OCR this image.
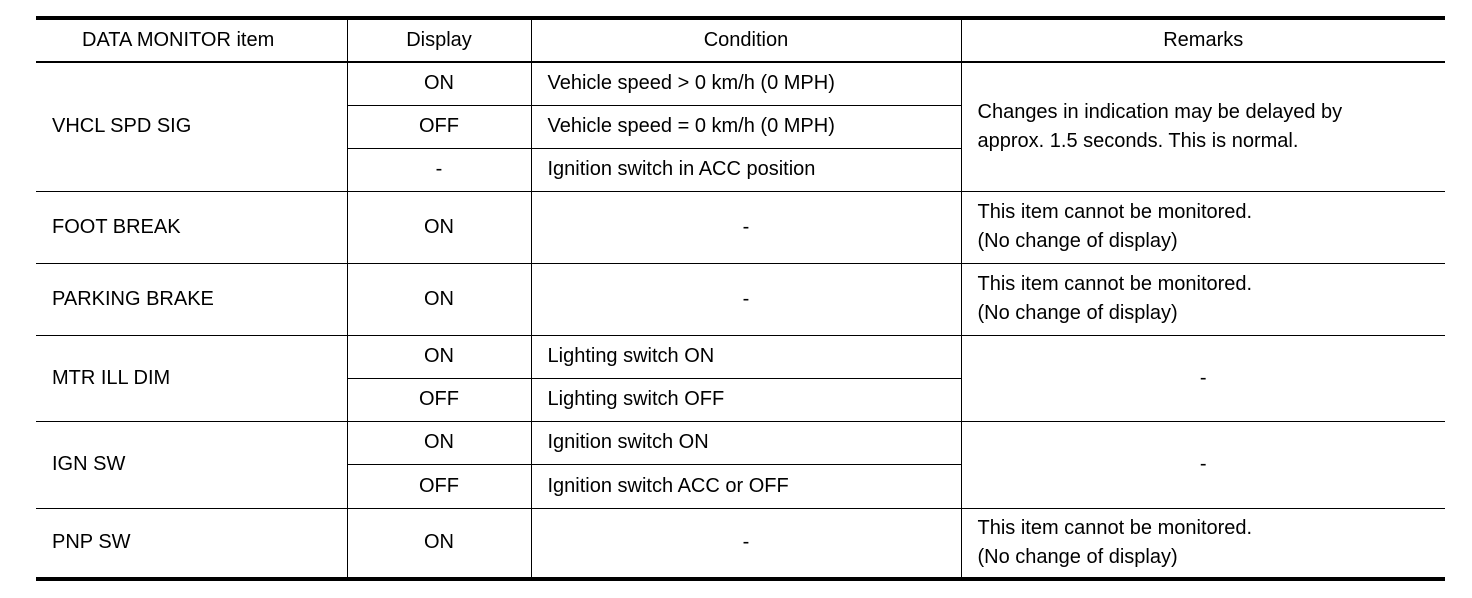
DATA MONITOR item	Display	Condition	Remarks
VHCL SPD SIG	ON	Vehicle speed > 0 km/h (0 MPH)	Changes in indication may be delayed by
approx. 1.5 seconds. This is normal.

	OFF	Vehicle speed = 0 km/h (0 MPH)	
	-	Ignition switch in ACC position	
FOOT BREAK	ON	-	This item cannot be monitored.
(No change of display)

PARKING BRAKE	ON	-	This item cannot be monitored.
(No change of display)

MTR ILL DIM	ON	Lighting switch ON	-
	OFF	Lighting switch OFF	
IGN SW	ON	Ignition switch ON	-
	OFF	Ignition switch ACC or OFF	
PNP SW	ON	-	This item cannot be monitored.
(No change of display)
